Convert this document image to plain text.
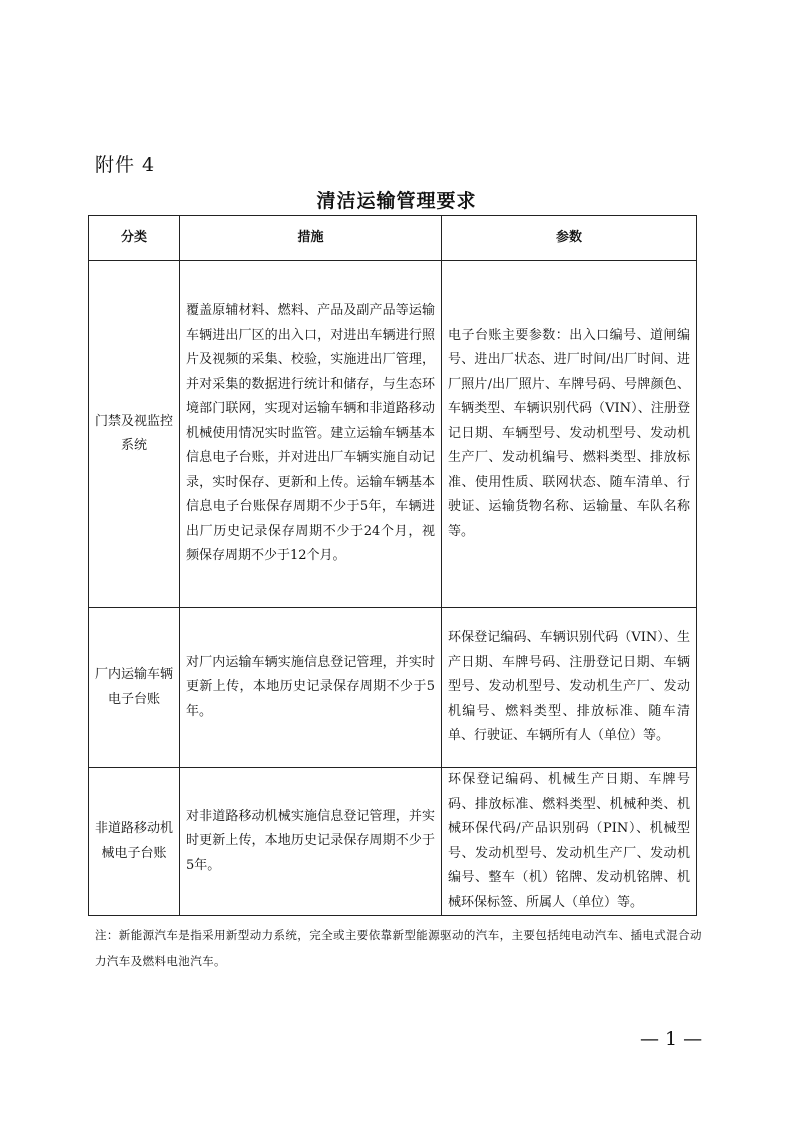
附件 4
清洁运输管理要求
分类	措施	参数
门禁及视监控系统	覆盖原辅材料、燃料、产品及副产品等运输车辆进出厂区的出入口，对进出车辆进行照片及视频的采集、校验，实施进出厂管理，并对采集的数据进行统计和储存，与生态环境部门联网，实现对运输车辆和非道路移动机械使用情况实时监管。建立运输车辆基本信息电子台账，并对进出厂车辆实施自动记录，实时保存、更新和上传。运输车辆基本信息电子台账保存周期不少于5年，车辆进出厂历史记录保存周期不少于24个月，视频保存周期不少于12个月。	电子台账主要参数：出入口编号、道闸编号、进出厂状态、进厂时间/出厂时间、进厂照片/出厂照片、车牌号码、号牌颜色、车辆类型、车辆识别代码（VIN）、注册登记日期、车辆型号、发动机型号、发动机生产厂、发动机编号、燃料类型、排放标准、使用性质、联网状态、随车清单、行驶证、运输货物名称、运输量、车队名称等。
厂内运输车辆电子台账	对厂内运输车辆实施信息登记管理，并实时更新上传，本地历史记录保存周期不少于5年。	环保登记编码、车辆识别代码（VIN）、生产日期、车牌号码、注册登记日期、车辆型号、发动机型号、发动机生产厂、发动机编号、燃料类型、排放标准、随车清单、行驶证、车辆所有人（单位）等。
非道路移动机械电子台账	对非道路移动机械实施信息登记管理，并实时更新上传，本地历史记录保存周期不少于5年。	环保登记编码、机械生产日期、车牌号码、排放标准、燃料类型、机械种类、机械环保代码/产品识别码（PIN）、机械型号、发动机型号、发动机生产厂、发动机编号、整车（机）铭牌、发动机铭牌、机械环保标签、所属人（单位）等。
注：新能源汽车是指采用新型动力系统，完全或主要依靠新型能源驱动的汽车，主要包括纯电动汽车、插电式混合动力汽车及燃料电池汽车。
— 1 —
